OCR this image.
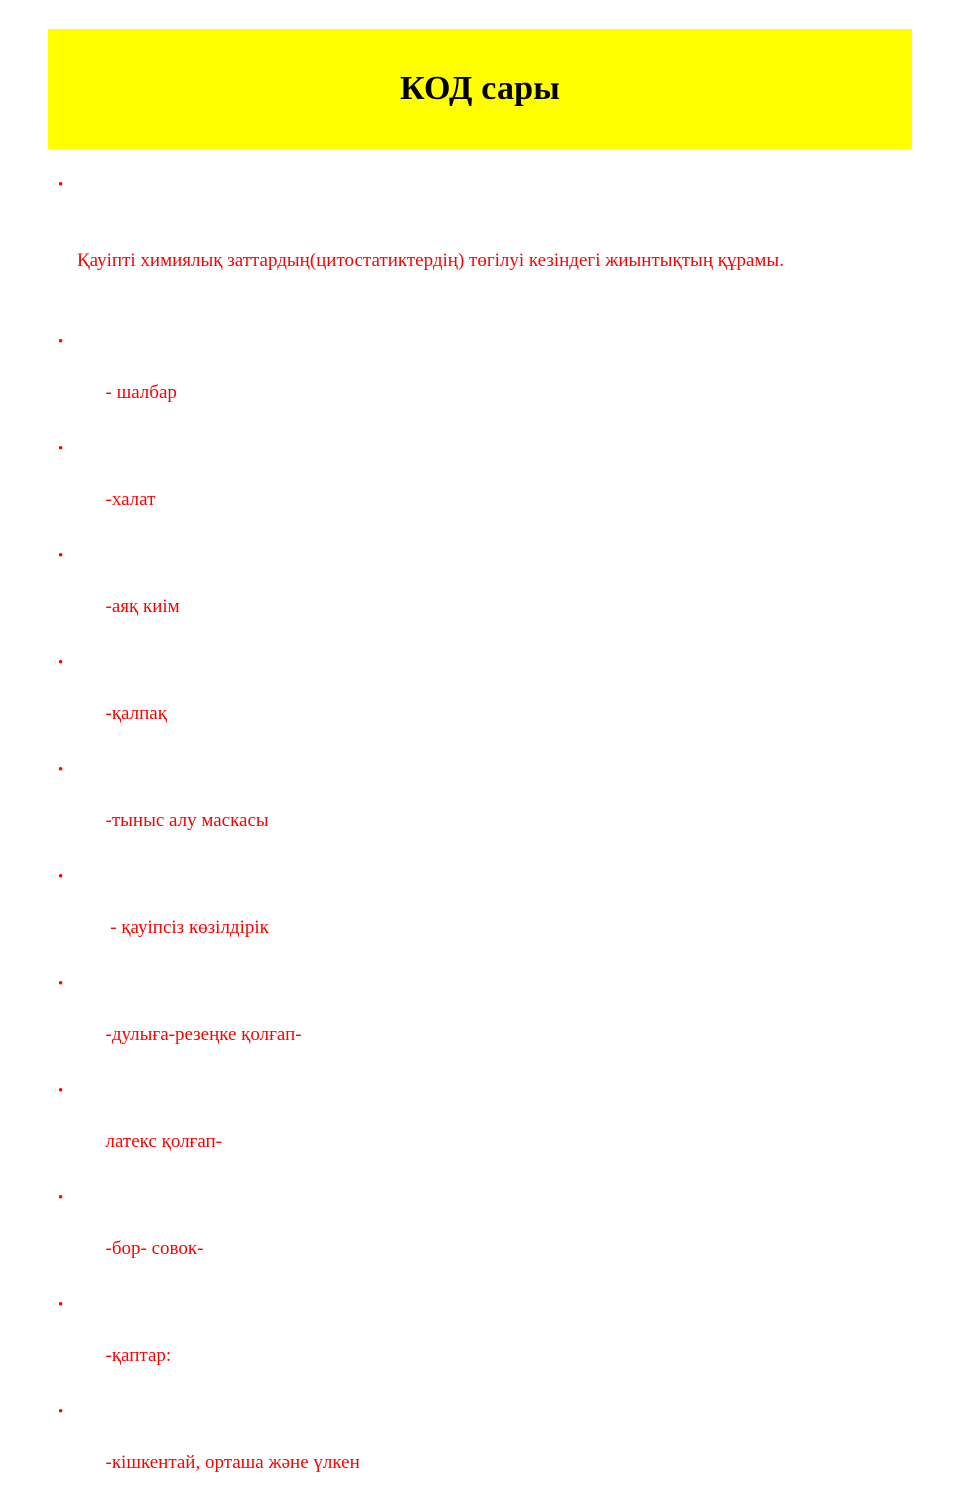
КОД сары

•

Қауіпті химиялық заттардың(цитостатиктердің) төгілуі кезіндегі жиынтықтың құрамы.

•

- шалбар

•

-халат

•

-аяқ киім

•

-қалпақ

•

-тыныс алу маскасы

•

- қауіпсіз көзілдірік

•

-дулыға-резеңке қолғап-

•

латекс қолғап-

•

-бор- совок-

•

-қаптар:

•

-кішкентай, орташа және үлкен
